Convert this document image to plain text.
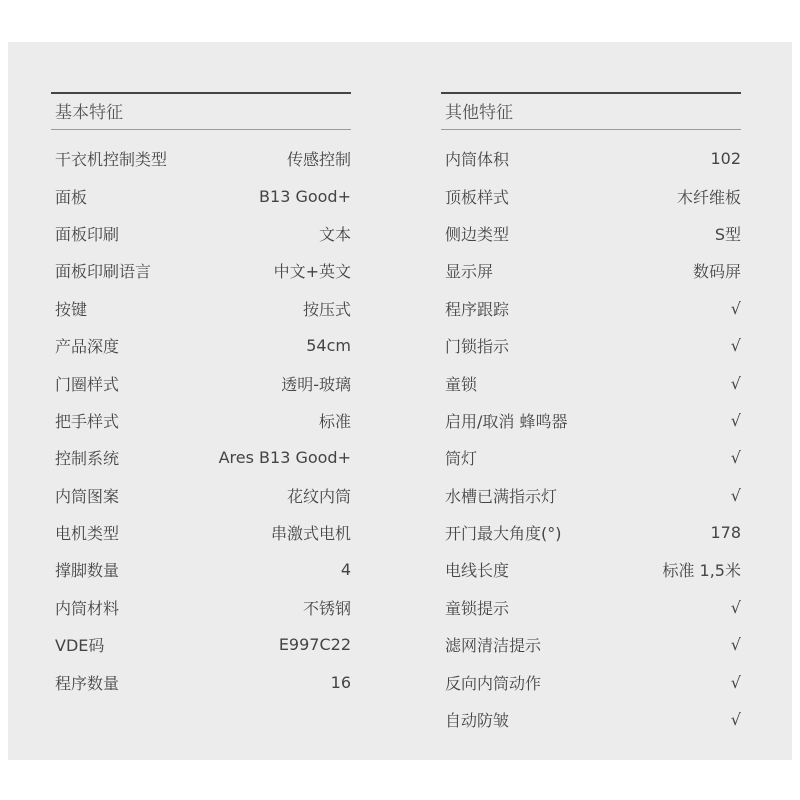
基本特征
干衣机控制类型	传感控制
面板	B13 Good+
面板印刷	文本
面板印刷语言	中文+英文
按键	按压式
产品深度	54cm
门圈样式	透明-玻璃
把手样式	标准
控制系统	Ares B13 Good+
内筒图案	花纹内筒
电机类型	串激式电机
撑脚数量	4
内筒材料	不锈钢
VDE码	E997C22
程序数量	16
其他特征
内筒体积	102
顶板样式	木纤维板
侧边类型	S型
显示屏	数码屏
程序跟踪	√
门锁指示	√
童锁	√
启用/取消 蜂鸣器	√
筒灯	√
水槽已满指示灯	√
开门最大角度(°)	178
电线长度	标准 1,5米
童锁提示	√
滤网清洁提示	√
反向内筒动作	√
自动防皱	√
